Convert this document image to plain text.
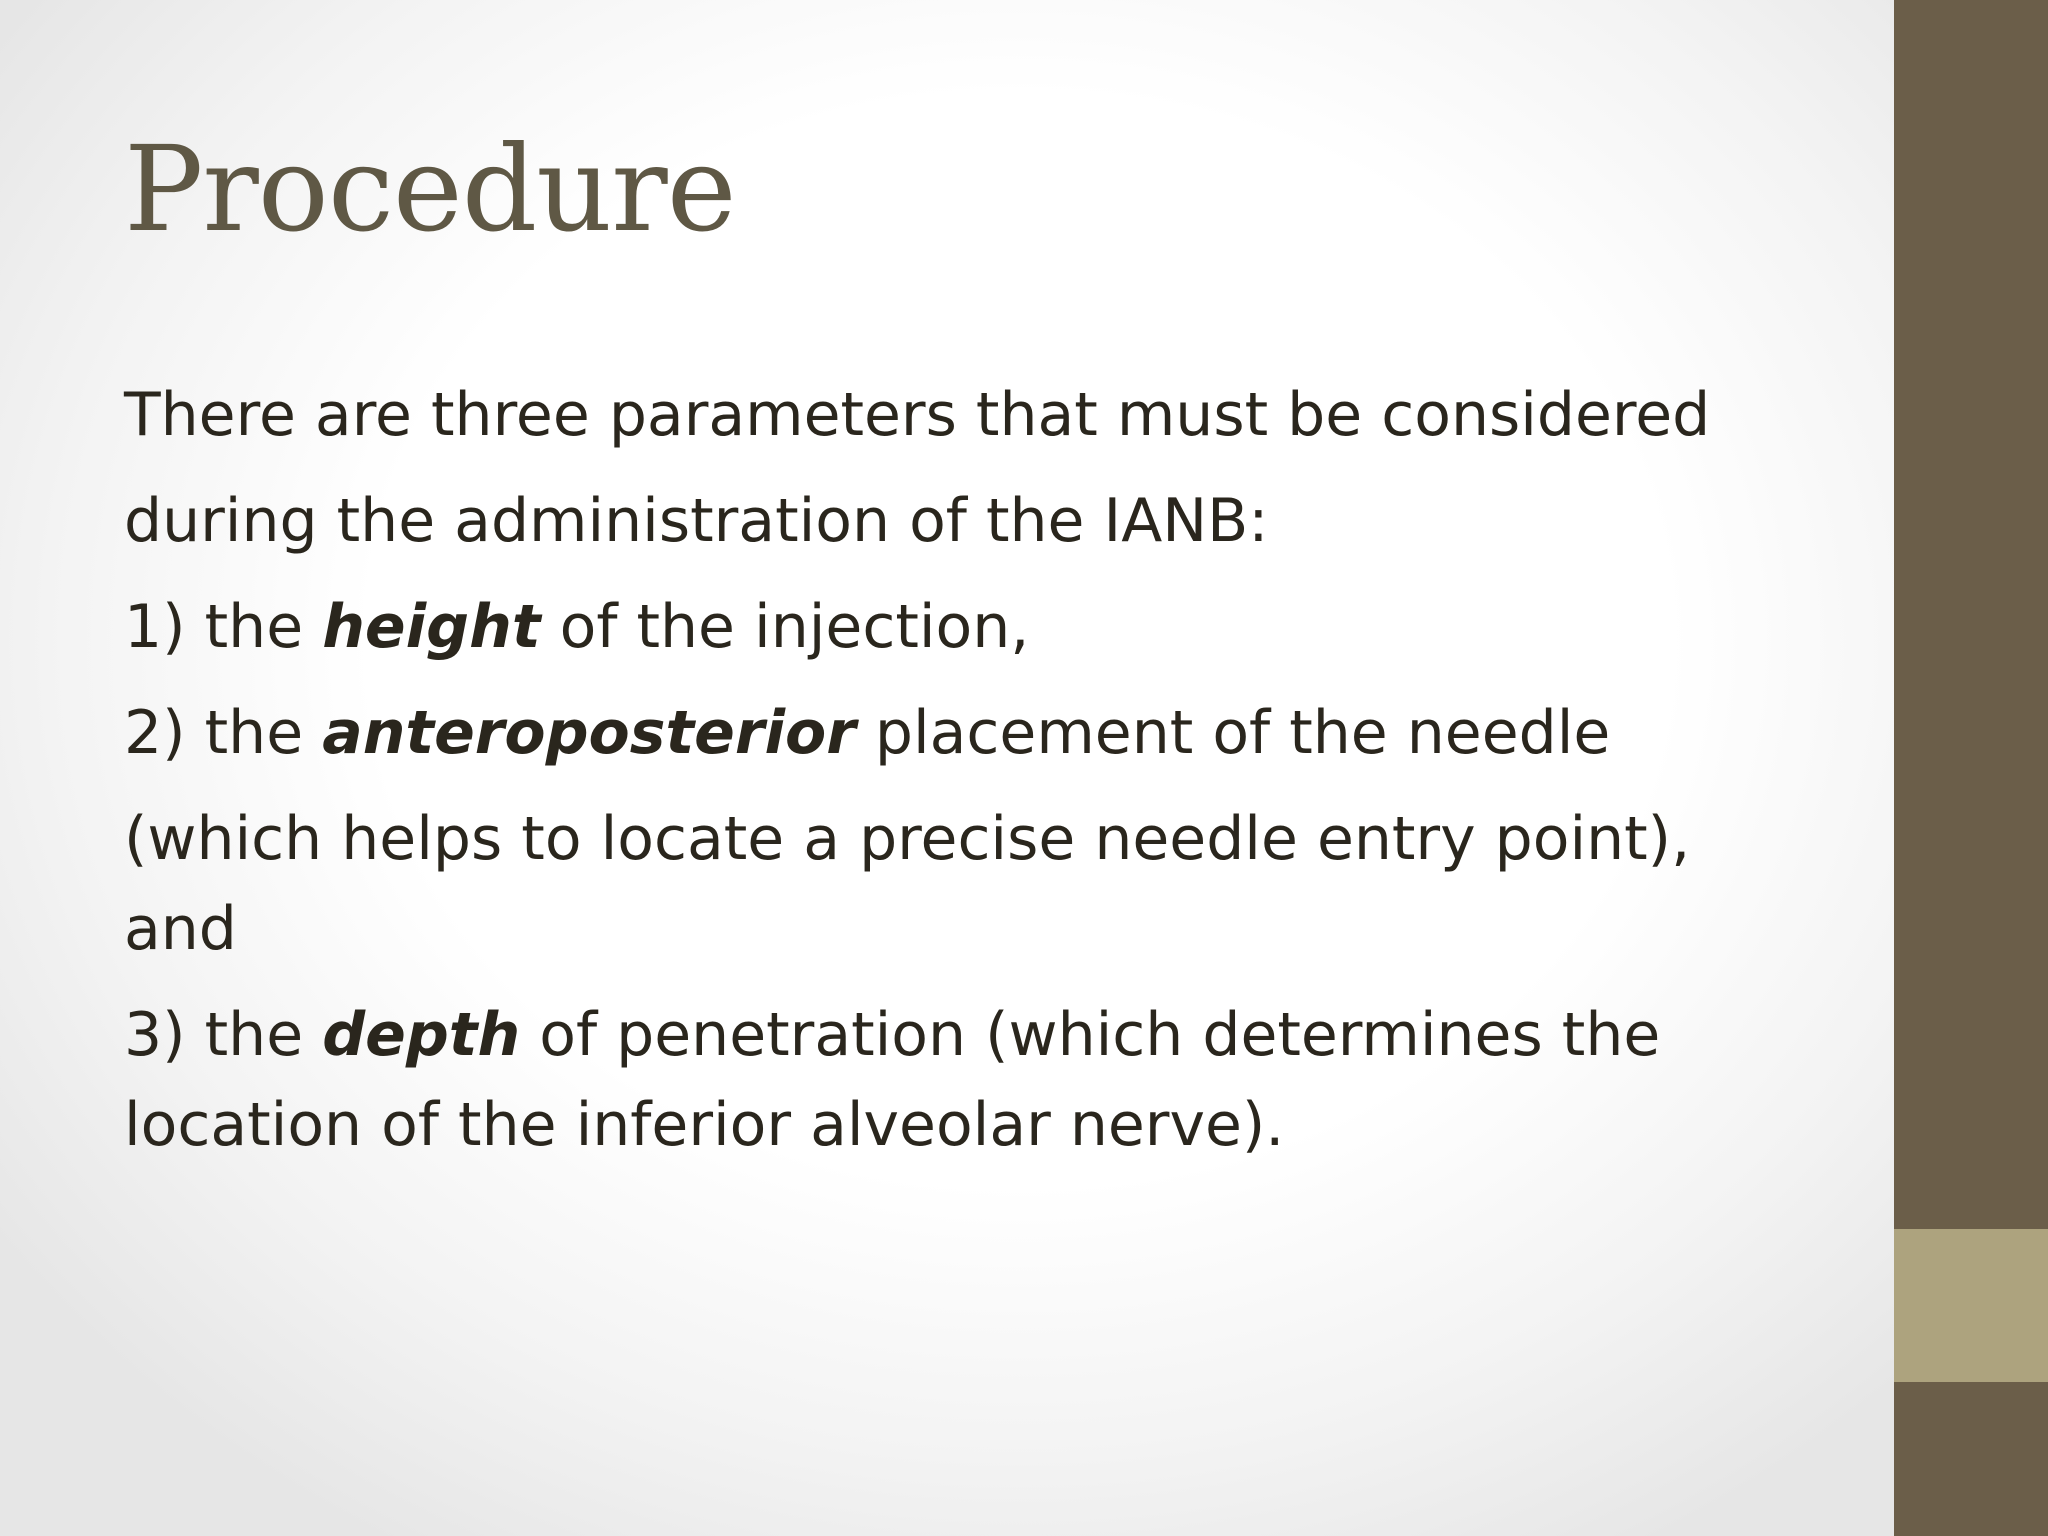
Procedure

There are three parameters that must be considered

during the administration of the IANB:

1) the height of the injection,

2) the anteroposterior placement of the needle

(which helps to locate a precise needle entry point),
and

3) the depth of penetration (which determines the
location of the inferior alveolar nerve).
